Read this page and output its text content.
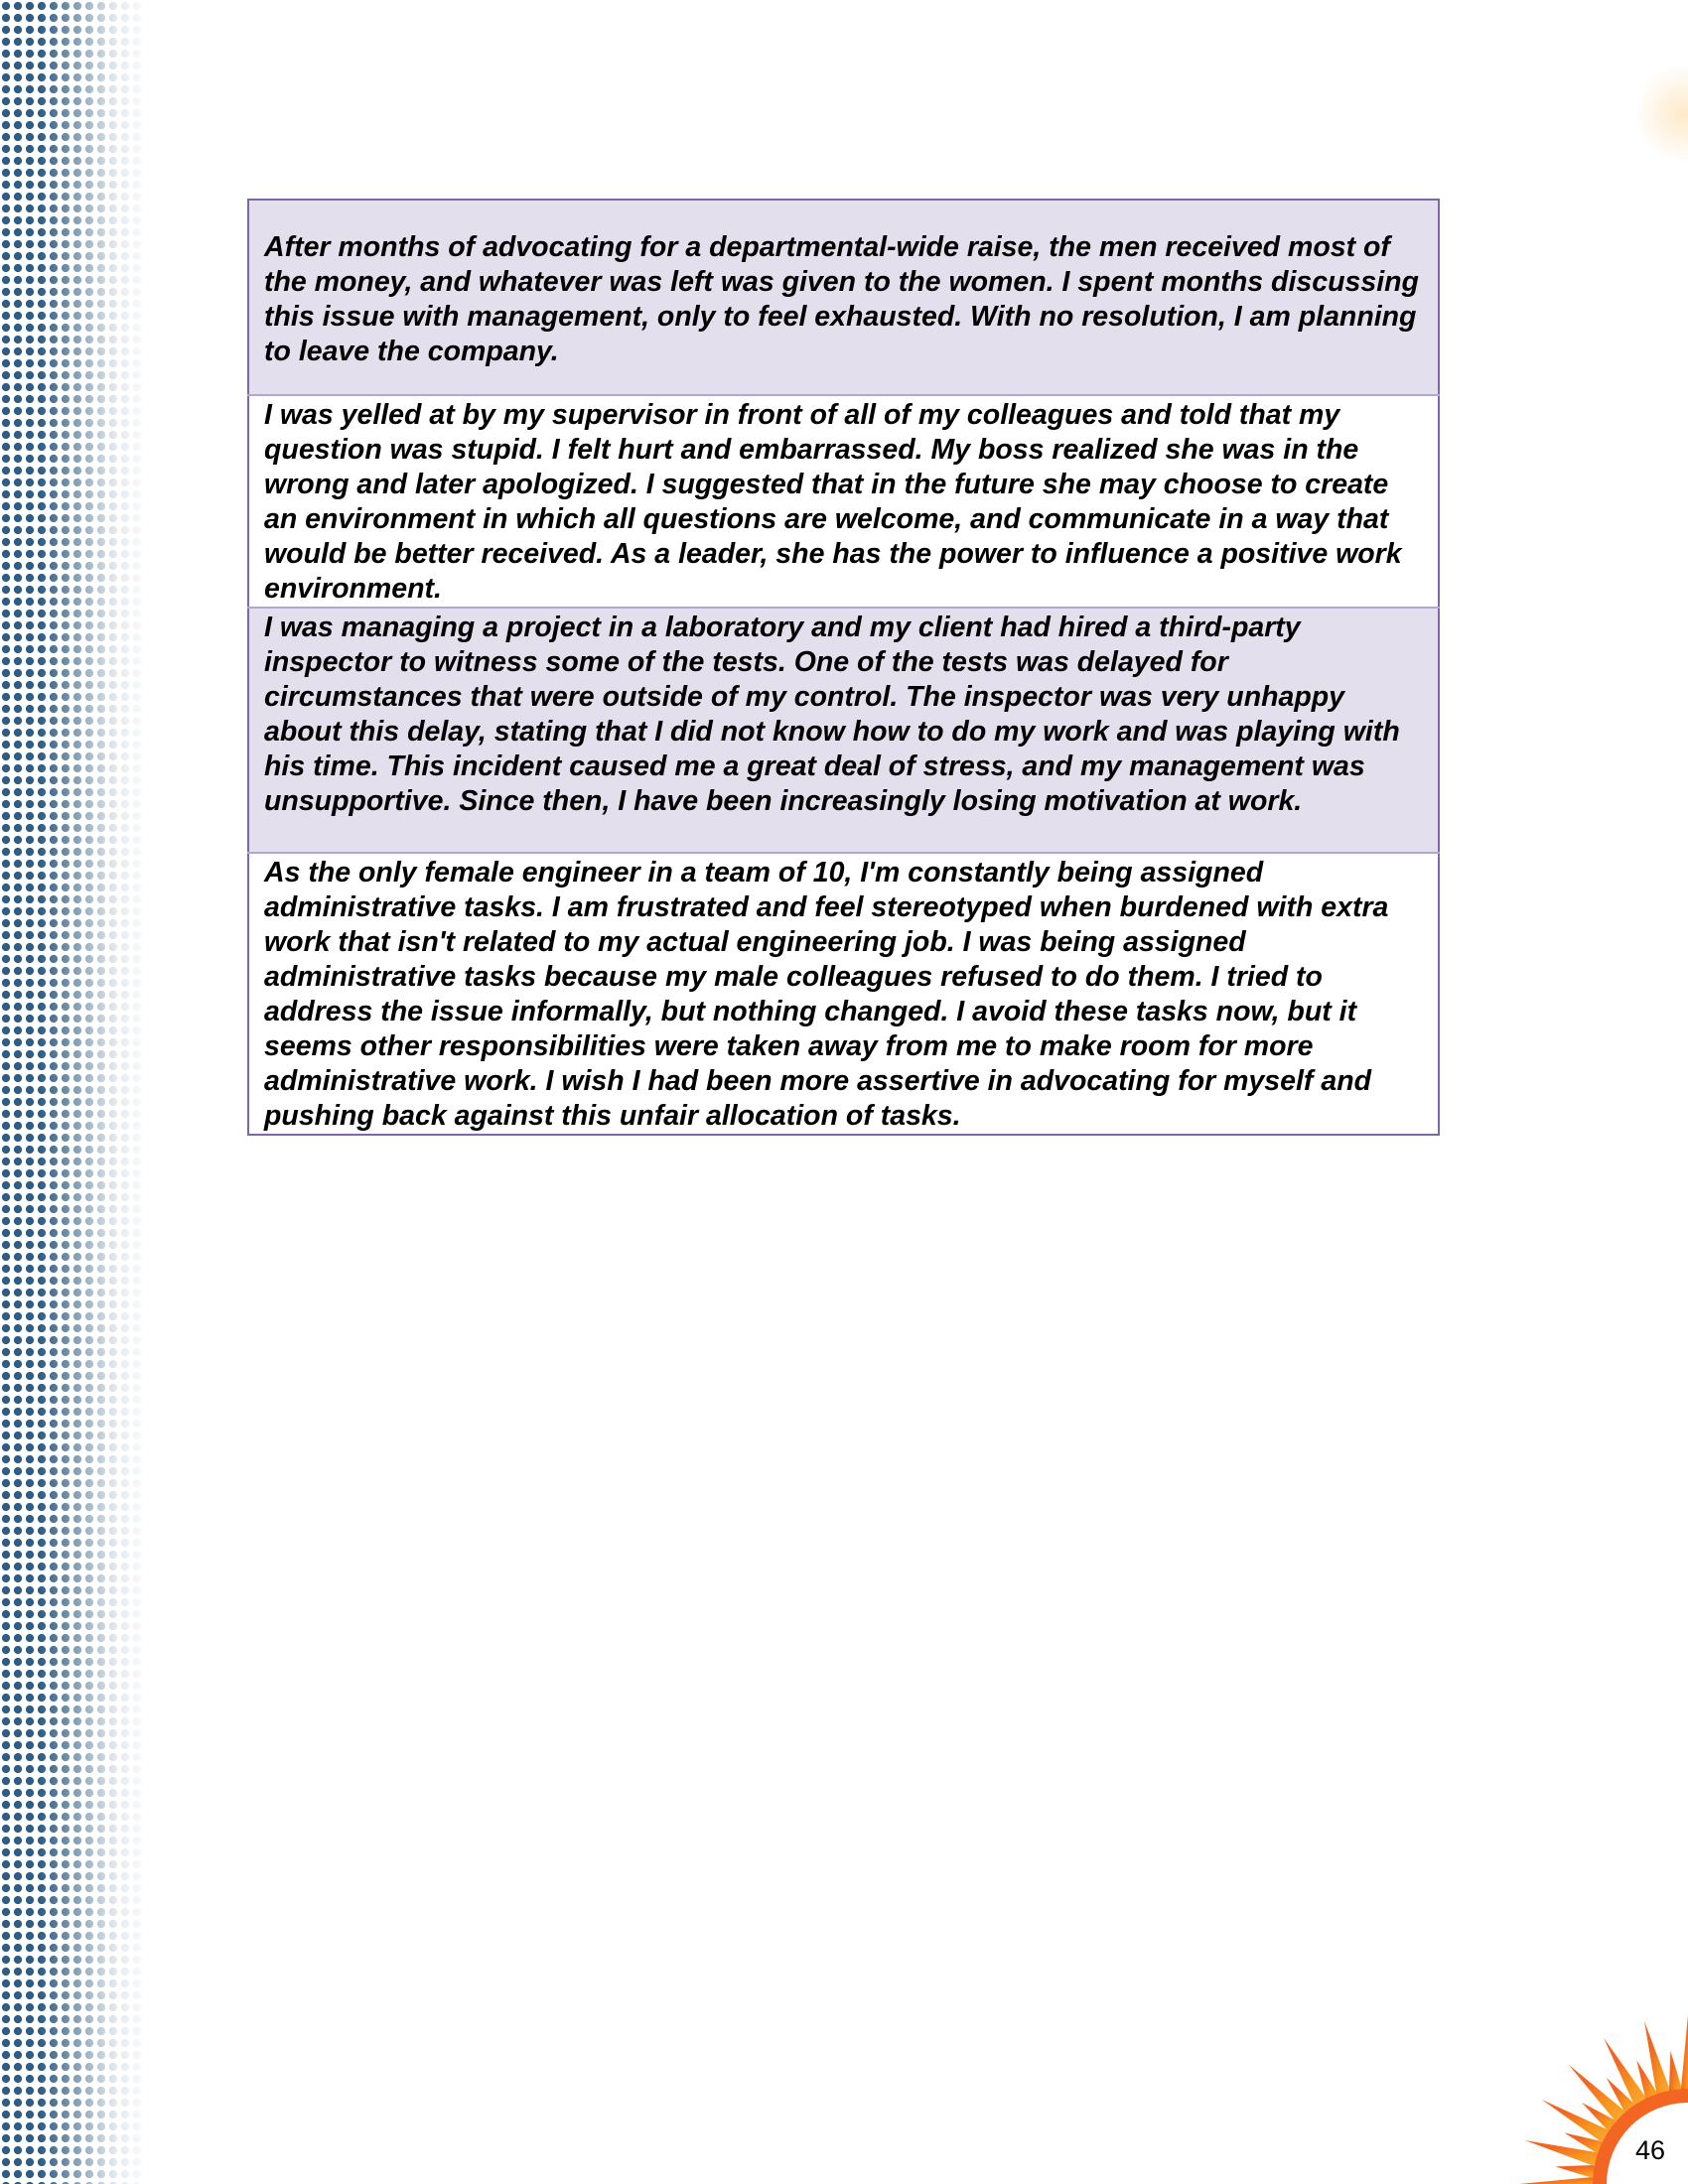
After months of advocating for a departmental-wide raise, the men received most of the money, and whatever was left was given to the women. I spent months discussing this issue with management, only to feel exhausted. With no resolution, I am planning to leave the company.
I was yelled at by my supervisor in front of all of my colleagues and told that my question was stupid. I felt hurt and embarrassed. My boss realized she was in the wrong and later apologized. I suggested that in the future she may choose to create an environment in which all questions are welcome, and communicate in a way that would be better received. As a leader, she has the power to influence a positive work environment.
I was managing a project in a laboratory and my client had hired a third-party inspector to witness some of the tests. One of the tests was delayed for circumstances that were outside of my control. The inspector was very unhappy about this delay, stating that I did not know how to do my work and was playing with his time. This incident caused me a great deal of stress, and my management was unsupportive. Since then, I have been increasingly losing motivation at work.
As the only female engineer in a team of 10, I'm constantly being assigned administrative tasks. I am frustrated and feel stereotyped when burdened with extra work that isn't related to my actual engineering job. I was being assigned administrative tasks because my male colleagues refused to do them. I tried to address the issue informally, but nothing changed. I avoid these tasks now, but it seems other responsibilities were taken away from me to make room for more administrative work. I wish I had been more assertive in advocating for myself and pushing back against this unfair allocation of tasks.
46
